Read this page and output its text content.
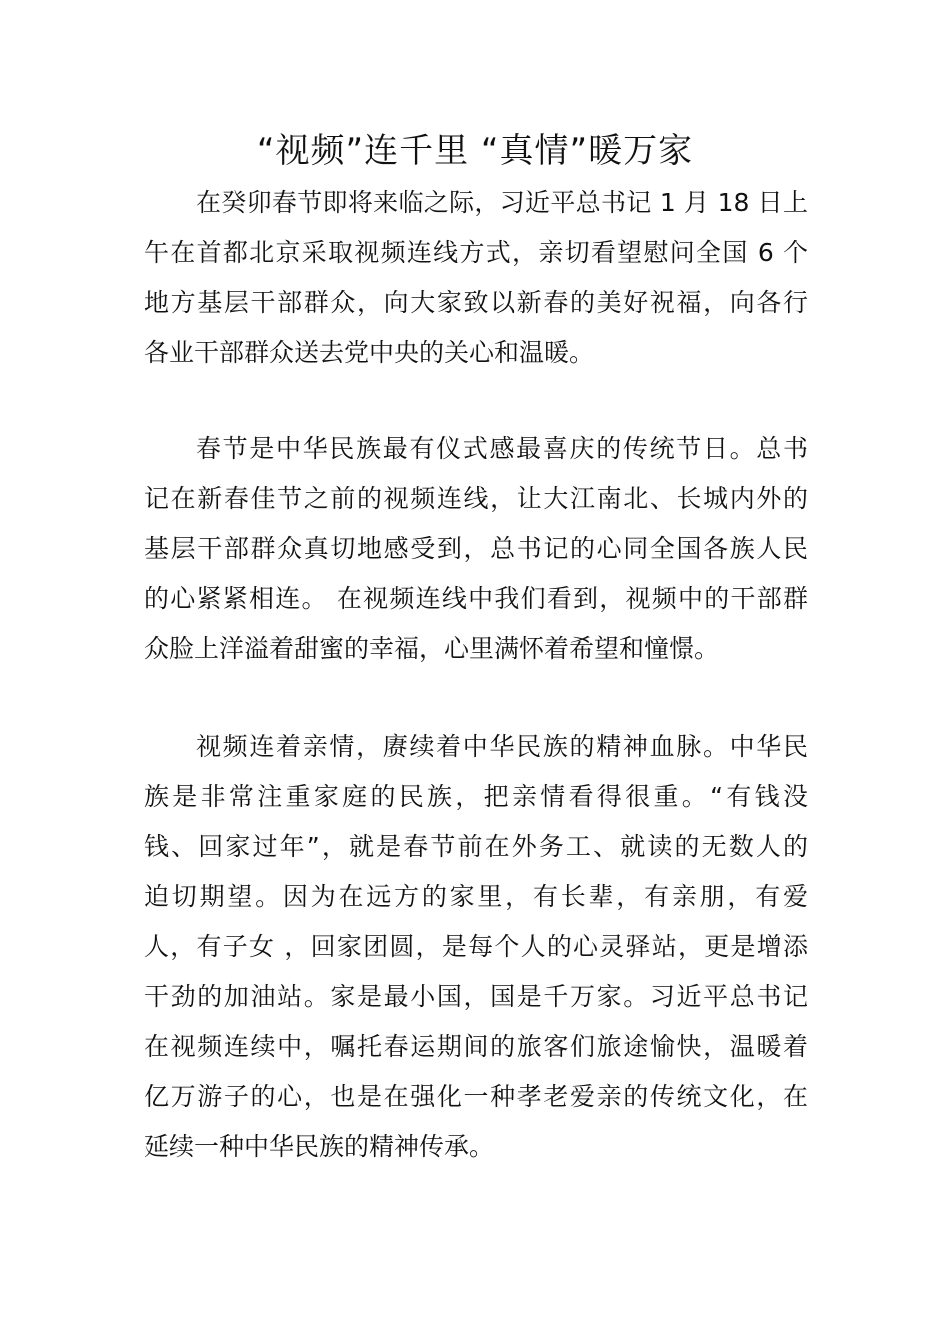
“视频”连千里 “真情”暖万家
在癸卯春节即将来临之际，习近平总书记 1 月 18 日上
午在首都北京采取视频连线方式，亲切看望慰问全国 6 个
地方基层干部群众，向大家致以新春的美好祝福，向各行
各业干部群众送去党中央的关心和温暖。
春节是中华民族最有仪式感最喜庆的传统节日。总书
记在新春佳节之前的视频连线，让大江南北、长城内外的
基层干部群众真切地感受到，总书记的心同全国各族人民
的心紧紧相连。 在视频连线中我们看到，视频中的干部群
众脸上洋溢着甜蜜的幸福，心里满怀着希望和憧憬。
视频连着亲情，赓续着中华民族的精神血脉。中华民
族是非常注重家庭的民族，把亲情看得很重。“有钱没
钱、回家过年”，就是春节前在外务工、就读的无数人的
迫切期望。因为在远方的家里，有长辈，有亲朋，有爱
人，有子女 ，回家团圆，是每个人的心灵驿站，更是增添
干劲的加油站。家是最小国，国是千万家。习近平总书记
在视频连续中，嘱托春运期间的旅客们旅途愉快，温暖着
亿万游子的心，也是在强化一种孝老爱亲的传统文化，在
延续一种中华民族的精神传承。
